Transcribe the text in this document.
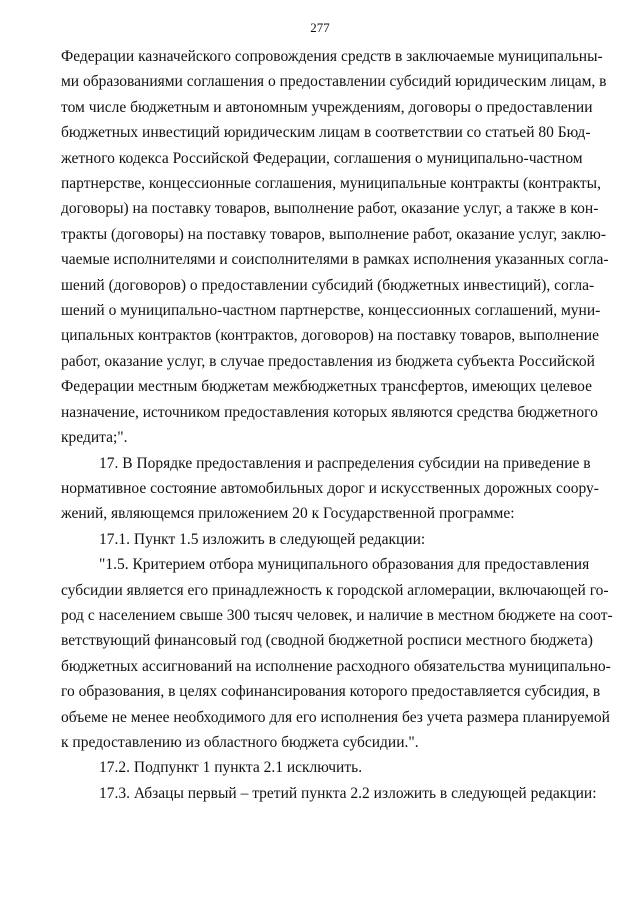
277
Федерации казначейского сопровождения средств в заключаемые муниципальны-
ми образованиями соглашения о предоставлении субсидий юридическим лицам, в
том числе бюджетным и автономным учреждениям, договоры о предоставлении
бюджетных инвестиций юридическим лицам в соответствии со статьей 80 Бюд-
жетного кодекса Российской Федерации, соглашения о муниципально-частном
партнерстве, концессионные соглашения, муниципальные контракты (контракты,
договоры) на поставку товаров, выполнение работ, оказание услуг, а также в кон-
тракты (договоры) на поставку товаров, выполнение работ, оказание услуг, заклю-
чаемые исполнителями и соисполнителями в рамках исполнения указанных согла-
шений (договоров) о предоставлении субсидий (бюджетных инвестиций), согла-
шений о муниципально-частном партнерстве, концессионных соглашений, муни-
ципальных контрактов (контрактов, договоров) на поставку товаров, выполнение
работ, оказание услуг, в случае предоставления из бюджета субъекта Российской
Федерации местным бюджетам межбюджетных трансфертов, имеющих целевое
назначение, источником предоставления которых являются средства бюджетного
кредита;".
17. В Порядке предоставления и распределения субсидии на приведение в
нормативное состояние автомобильных дорог и искусственных дорожных соору-
жений, являющемся приложением 20 к Государственной программе:
17.1. Пункт 1.5 изложить в следующей редакции:
"1.5. Критерием отбора муниципального образования для предоставления
субсидии является его принадлежность к городской агломерации, включающей го-
род с населением свыше 300 тысяч человек, и наличие в местном бюджете на соот-
ветствующий финансовый год (сводной бюджетной росписи местного бюджета)
бюджетных ассигнований на исполнение расходного обязательства муниципально-
го образования, в целях софинансирования которого предоставляется субсидия, в
объеме не менее необходимого для его исполнения без учета размера планируемой
к предоставлению из областного бюджета субсидии.".
17.2. Подпункт 1 пункта 2.1 исключить.
17.3. Абзацы первый – третий пункта 2.2 изложить в следующей редакции:
